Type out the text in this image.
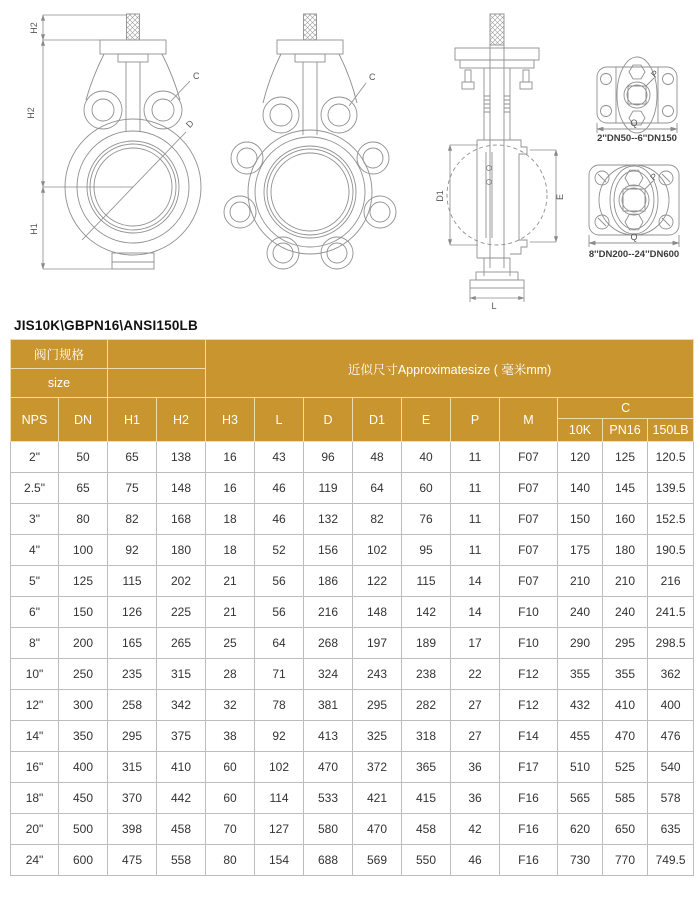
H2
H2
H1
C
D
C
D1	E
L
P
Q
2''DN50--6''DN150
P
Q
8''DN200--24''DN600
JIS10K\GBPN16\ANSI150LB
阀门规格				近似尺寸Approximatesize ( 毫米mm)									
size													
NPS	DN	H1	H2	H3	L	D	D1	E	P	M	C		
											10K	PN16	150LB
2"	50	65	138	16	43	96	48	40	11	F07	120	125	120.5
2.5"	65	75	148	16	46	119	64	60	11	F07	140	145	139.5
3"	80	82	168	18	46	132	82	76	11	F07	150	160	152.5
4"	100	92	180	18	52	156	102	95	11	F07	175	180	190.5
5"	125	115	202	21	56	186	122	115	14	F07	210	210	216
6"	150	126	225	21	56	216	148	142	14	F10	240	240	241.5
8"	200	165	265	25	64	268	197	189	17	F10	290	295	298.5
10"	250	235	315	28	71	324	243	238	22	F12	355	355	362
12"	300	258	342	32	78	381	295	282	27	F12	432	410	400
14"	350	295	375	38	92	413	325	318	27	F14	455	470	476
16"	400	315	410	60	102	470	372	365	36	F17	510	525	540
18"	450	370	442	60	114	533	421	415	36	F16	565	585	578
20"	500	398	458	70	127	580	470	458	42	F16	620	650	635
24"	600	475	558	80	154	688	569	550	46	F16	730	770	749.5
